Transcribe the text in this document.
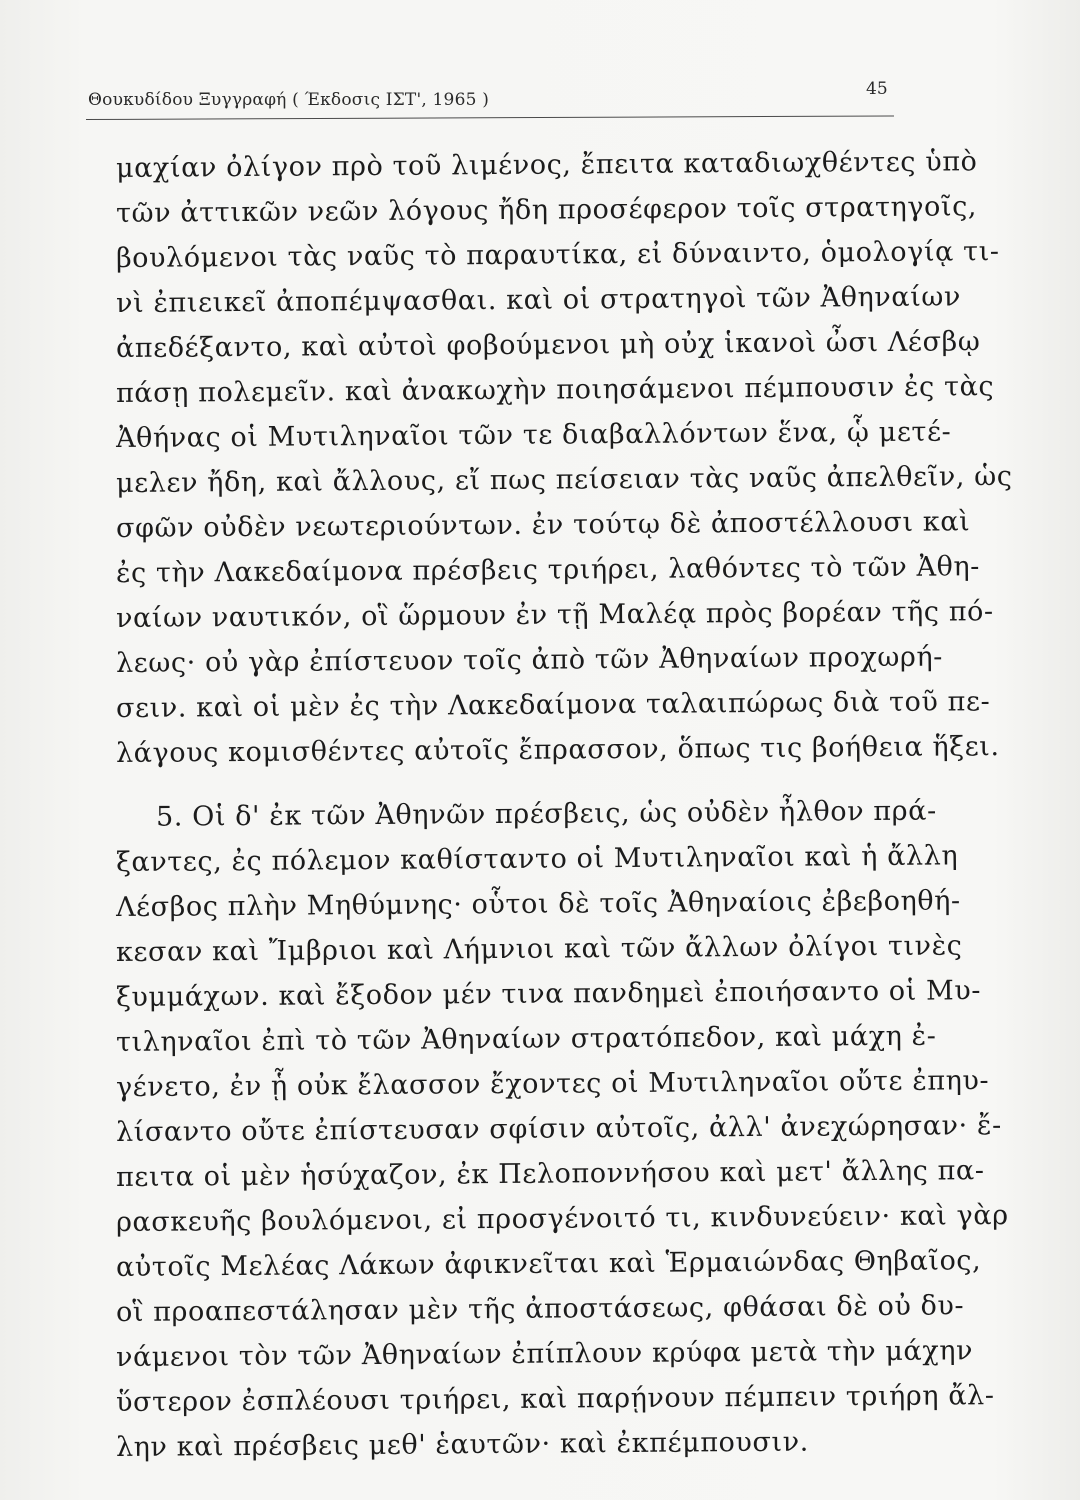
Θουκυδίδου Ξυγγραφή ( Έκδοσις ΙΣΤ', 1965 )
45
μαχίαν ὀλίγον πρὸ τοῦ λιμένος, ἔπειτα καταδιωχθέντες ὑπὸ
τῶν ἀττικῶν νεῶν λόγους ἤδη προσέφερον τοῖς στρατηγοῖς,
βουλόμενοι τὰς ναῦς τὸ παραυτίκα, εἰ δύναιντο, ὁμολογίᾳ τι-
νὶ ἐπιεικεῖ ἀποπέμψασθαι. καὶ οἱ στρατηγοὶ τῶν Ἀθηναίων
ἀπεδέξαντο, καὶ αὐτοὶ φοβούμενοι μὴ οὐχ ἱκανοὶ ὦσι Λέσβῳ
πάσῃ πολεμεῖν. καὶ ἀνακωχὴν ποιησάμενοι πέμπουσιν ἐς τὰς
Ἀθήνας οἱ Μυτιληναῖοι τῶν τε διαβαλλόντων ἕνα, ᾧ μετέ-
μελεν ἤδη, καὶ ἄλλους, εἴ πως πείσειαν τὰς ναῦς ἀπελθεῖν, ὡς
σφῶν οὐδὲν νεωτεριούντων. ἐν τούτῳ δὲ ἀποστέλλουσι καὶ
ἐς τὴν Λακεδαίμονα πρέσβεις τριήρει, λαθόντες τὸ τῶν Ἀθη-
ναίων ναυτικόν, οἳ ὥρμουν ἐν τῇ Μαλέᾳ πρὸς βορέαν τῆς πό-
λεως· οὐ γὰρ ἐπίστευον τοῖς ἀπὸ τῶν Ἀθηναίων προχωρή-
σειν. καὶ οἱ μὲν ἐς τὴν Λακεδαίμονα ταλαιπώρως διὰ τοῦ πε-
λάγους κομισθέντες αὐτοῖς ἔπρασσον, ὅπως τις βοήθεια ἥξει.
5. Οἱ δ' ἐκ τῶν Ἀθηνῶν πρέσβεις, ὡς οὐδὲν ἦλθον πρά-
ξαντες, ἐς πόλεμον καθίσταντο οἱ Μυτιληναῖοι καὶ ἡ ἄλλη
Λέσβος πλὴν Μηθύμνης· οὗτοι δὲ τοῖς Ἀθηναίοις ἐβεβοηθή-
κεσαν καὶ Ἴμβριοι καὶ Λήμνιοι καὶ τῶν ἄλλων ὀλίγοι τινὲς
ξυμμάχων. καὶ ἔξοδον μέν τινα πανδημεὶ ἐποιήσαντο οἱ Μυ-
τιληναῖοι ἐπὶ τὸ τῶν Ἀθηναίων στρατόπεδον, καὶ μάχη ἐ-
γένετο, ἐν ᾗ οὐκ ἔλασσον ἔχοντες οἱ Μυτιληναῖοι οὔτε ἐπηυ-
λίσαντο οὔτε ἐπίστευσαν σφίσιν αὐτοῖς, ἀλλ' ἀνεχώρησαν· ἔ-
πειτα οἱ μὲν ἡσύχαζον, ἐκ Πελοποννήσου καὶ μετ' ἄλλης πα-
ρασκευῆς βουλόμενοι, εἰ προσγένοιτό τι, κινδυνεύειν· καὶ γὰρ
αὐτοῖς Μελέας Λάκων ἀφικνεῖται καὶ Ἑρμαιώνδας Θηβαῖος,
οἳ προαπεστάλησαν μὲν τῆς ἀποστάσεως, φθάσαι δὲ οὐ δυ-
νάμενοι τὸν τῶν Ἀθηναίων ἐπίπλουν κρύφα μετὰ τὴν μάχην
ὕστερον ἐσπλέουσι τριήρει, καὶ παρῄνουν πέμπειν τριήρη ἄλ-
λην καὶ πρέσβεις μεθ' ἑαυτῶν· καὶ ἐκπέμπουσιν.
